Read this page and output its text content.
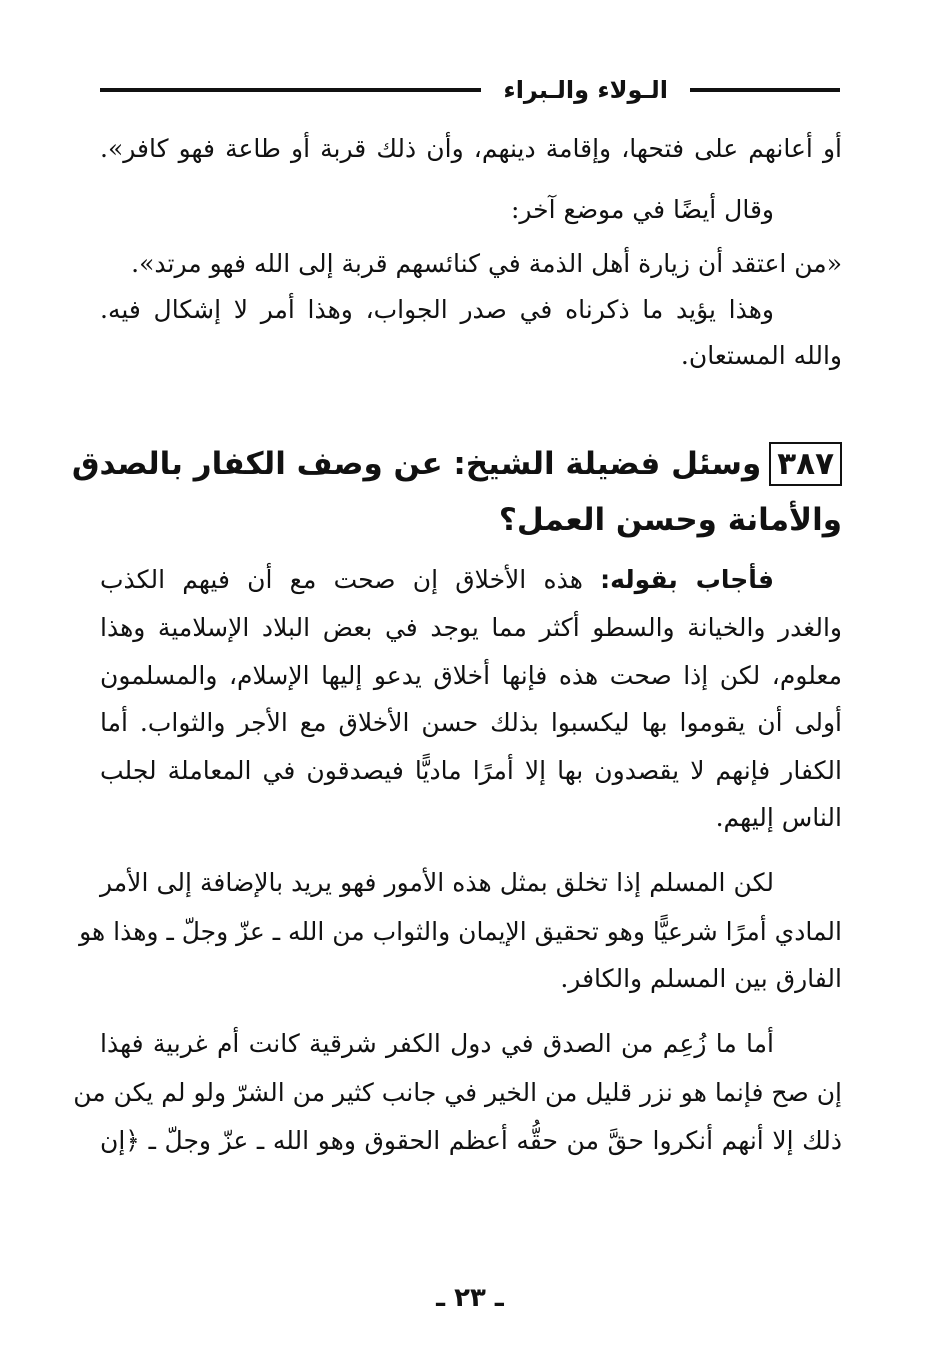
الـولاء والـبراء
أو أعانهم على فتحها، وإقامة دينهم، وأن ذلك قربة أو طاعة فهو كافر».
وقال أيضًا في موضع آخر:
«من اعتقد أن زيارة أهل الذمة في كنائسهم قربة إلى الله فهو مرتد».
وهذا يؤيد ما ذكرناه في صدر الجواب، وهذا أمر لا إشكال فيه.
والله المستعان.
٣٨٧وسئل فضيلة الشيخ: عن وصف الكفار بالصدق
والأمانة وحسن العمل؟
فأجاب بقوله: هذه الأخلاق إن صحت مع أن فيهم الكذب
والغدر والخيانة والسطو أكثر مما يوجد في بعض البلاد الإسلامية وهذا
معلوم، لكن إذا صحت هذه فإنها أخلاق يدعو إليها الإسلام، والمسلمون
أولى أن يقوموا بها ليكسبوا بذلك حسن الأخلاق مع الأجر والثواب. أما
الكفار فإنهم لا يقصدون بها إلا أمرًا ماديًّا فيصدقون في المعاملة لجلب
الناس إليهم.
لكن المسلم إذا تخلق بمثل هذه الأمور فهو يريد بالإضافة إلى الأمر
المادي أمرًا شرعيًّا وهو تحقيق الإيمان والثواب من الله ـ عزّ وجلّ ـ وهذا هو
الفارق بين المسلم والكافر.
أما ما زُعِم من الصدق في دول الكفر شرقية كانت أم غربية فهذا
إن صح فإنما هو نزر قليل من الخير في جانب كثير من الشرّ ولو لم يكن من
ذلك إلا أنهم أنكروا حقَّ من حقُّه أعظم الحقوق وهو الله ـ عزّ وجلّ ـ ﴿إن
ـ ٢٣ ـ
